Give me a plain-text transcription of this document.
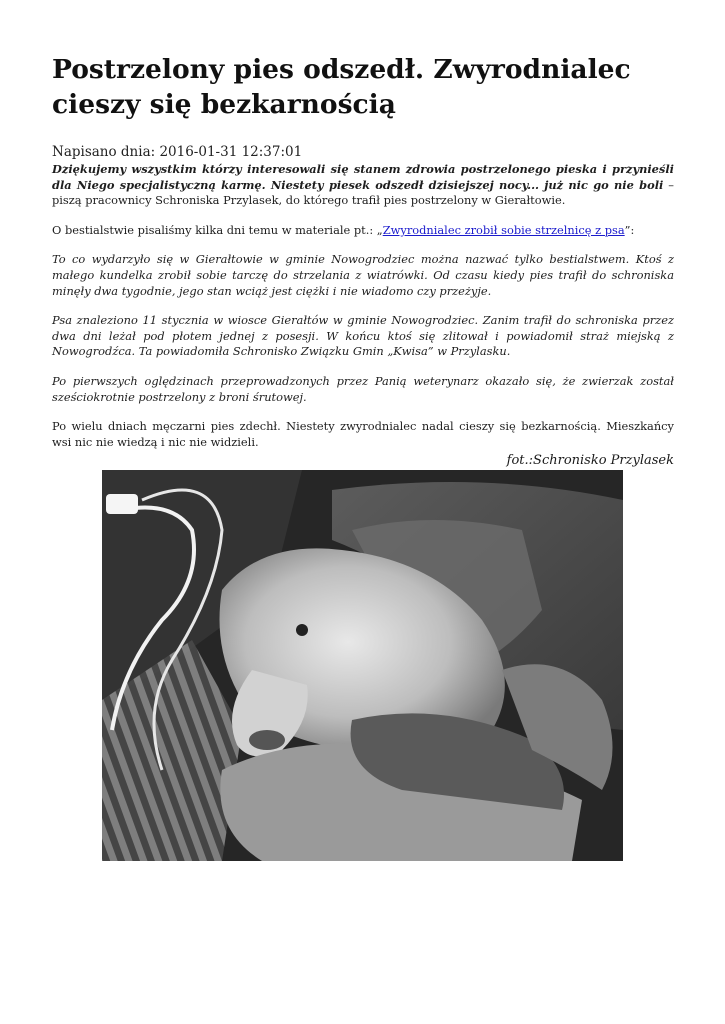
Postrzelony pies odszedł. Zwyrodnialec cieszy się bezkarnością
Napisano dnia: 2016-01-31 12:37:01

Dziękujemy wszystkim którzy interesowali się stanem zdrowia postrzelonego pieska i przynieśli dla Niego specjalistyczną karmę. Niestety piesek odszedł dzisiejszej nocy... już nic go nie boli – piszą pracownicy Schroniska Przylasek, do którego trafił pies postrzelony w Gierałtowie.

O bestialstwie pisaliśmy kilka dni temu w materiale pt.: „Zwyrodnialec zrobił sobie strzelnicę z psa”:

To co wydarzyło się w Gierałtowie w gminie Nowogrodziec można nazwać tylko bestialstwem. Ktoś z małego kundelka zrobił sobie tarczę do strzelania z wiatrówki. Od czasu kiedy pies trafił do schroniska minęły dwa tygodnie, jego stan wciąż jest ciężki i nie wiadomo czy przeżyje.

Psa znaleziono 11 stycznia w wiosce Gierałtów w gminie Nowogrodziec. Zanim trafił do schroniska przez dwa dni leżał pod płotem jednej z posesji. W końcu ktoś się zlitował i powiadomił straż miejską z Nowogrodźca. Ta powiadomiła Schronisko Związku Gmin „Kwisa” w Przylasku.

Po pierwszych oględzinach przeprowadzonych przez Panią weterynarz okazało się, że zwierzak został sześciokrotnie postrzelony z broni śrutowej.

Po wielu dniach męczarni pies zdechł. Niestety zwyrodnialec nadal cieszy się bezkarnością. Mieszkańcy wsi nic nie wiedzą i nic nie widzieli.

fot.:Schronisko Przylasek
